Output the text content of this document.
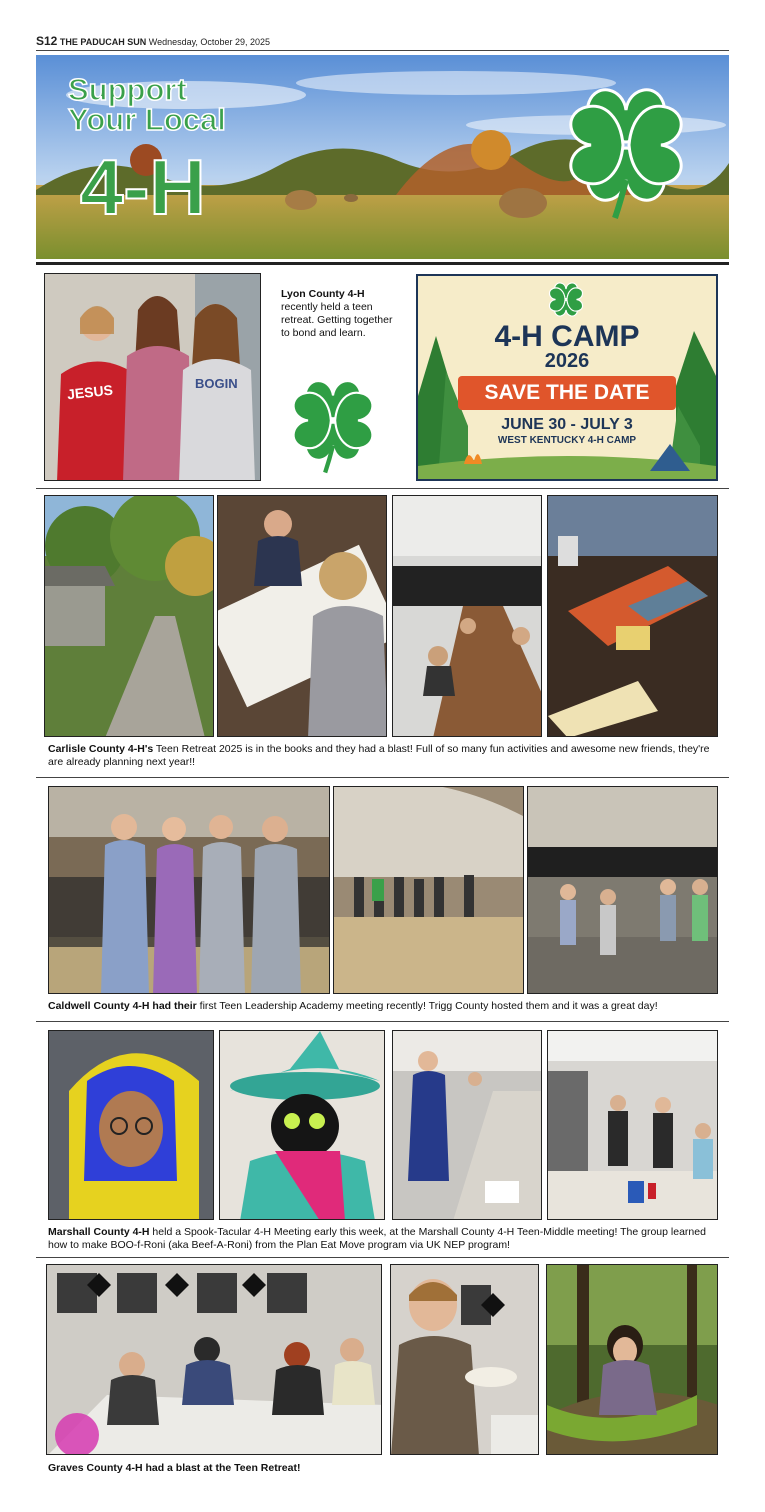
S12 THE PADUCAH SUN Wednesday, October 29, 2025
Support
Your Local
4-H
JESUS	BOGIN
Lyon County 4-H
recently held a teen retreat. Getting together to bond and learn.	4-H CAMP
2026
SAVE THE DATE
JUNE 30 - JULY 3
WEST KENTUCKY 4-H CAMP
Carlisle County 4-H's Teen Retreat 2025 is in the books and they had a blast! Full of so many fun activities and awesome new friends, they're are already planning next year!!
Caldwell County 4-H had their first Teen Leadership Academy meeting recently! Trigg County hosted them and it was a great day!
Marshall County 4-H held a Spook-Tacular 4-H Meeting early this week, at the Marshall County 4-H Teen-Middle meeting! The group learned how to make BOO-f-Roni (aka Beef-A-Roni) from the Plan Eat Move program via UK NEP program!
Graves County 4-H had a blast at the Teen Retreat!
